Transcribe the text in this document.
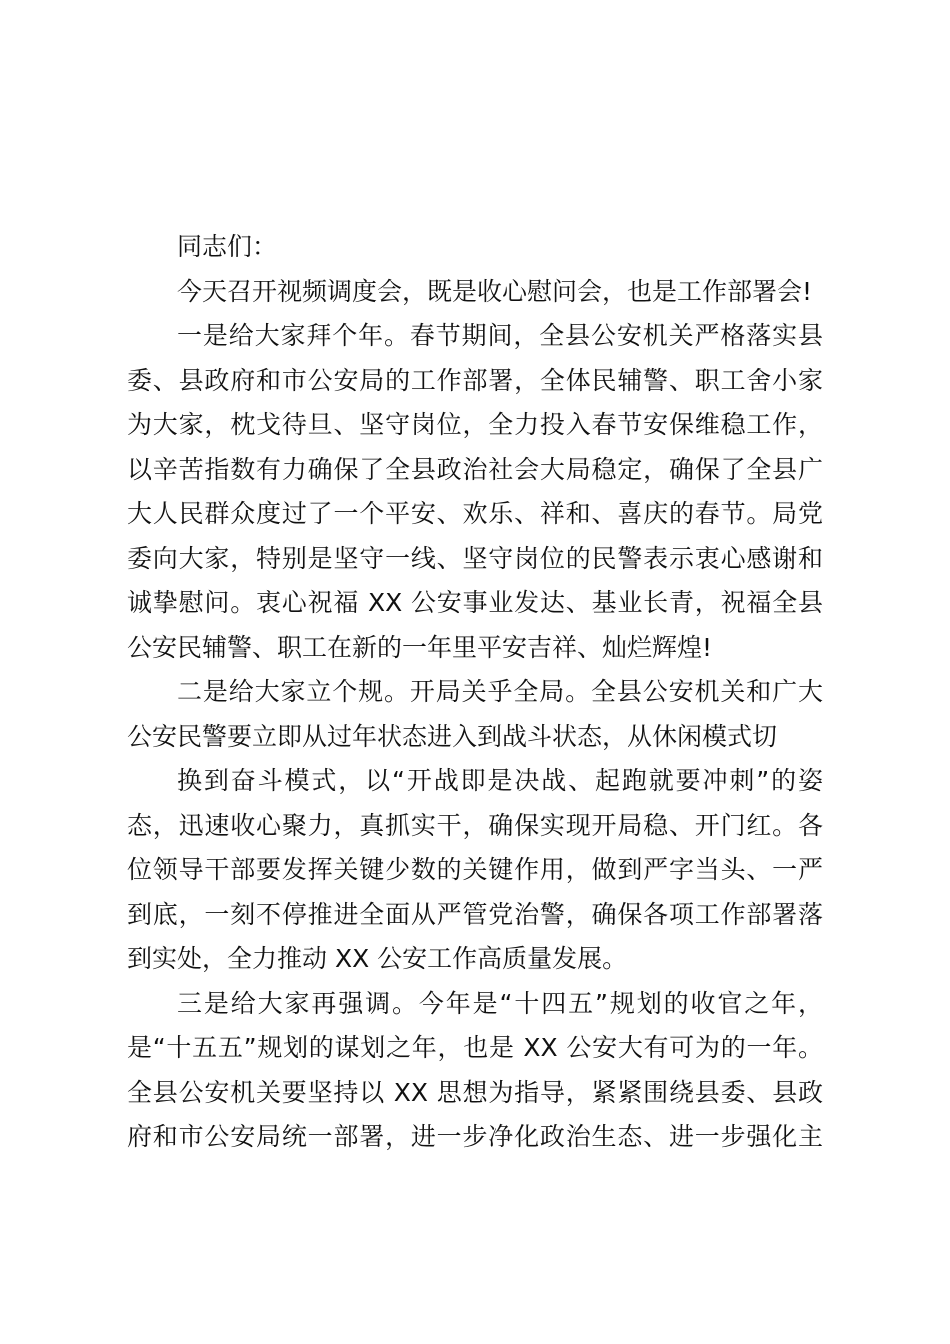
同志们：
今天召开视频调度会，既是收心慰问会，也是工作部署会!
一是给大家拜个年。春节期间，全县公安机关严格落实县
委、县政府和市公安局的工作部署，全体民辅警、职工舍小家
为大家，枕戈待旦、坚守岗位，全力投入春节安保维稳工作，
以辛苦指数有力确保了全县政治社会大局稳定，确保了全县广
大人民群众度过了一个平安、欢乐、祥和、喜庆的春节。局党
委向大家，特别是坚守一线、坚守岗位的民警表示衷心感谢和
诚挚慰问。衷心祝福 XX 公安事业发达、基业长青，祝福全县
公安民辅警、职工在新的一年里平安吉祥、灿烂辉煌!
二是给大家立个规。开局关乎全局。全县公安机关和广大
公安民警要立即从过年状态进入到战斗状态，从休闲模式切
换到奋斗模式，以“开战即是决战、起跑就要冲刺”的姿
态，迅速收心聚力，真抓实干，确保实现开局稳、开门红。各
位领导干部要发挥关键少数的关键作用，做到严字当头、一严
到底，一刻不停推进全面从严管党治警，确保各项工作部署落
到实处，全力推动 XX 公安工作高质量发展。
三是给大家再强调。今年是“十四五”规划的收官之年，
是“十五五”规划的谋划之年，也是 XX 公安大有可为的一年。
全县公安机关要坚持以 XX 思想为指导，紧紧围绕县委、县政
府和市公安局统一部署，进一步净化政治生态、进一步强化主
